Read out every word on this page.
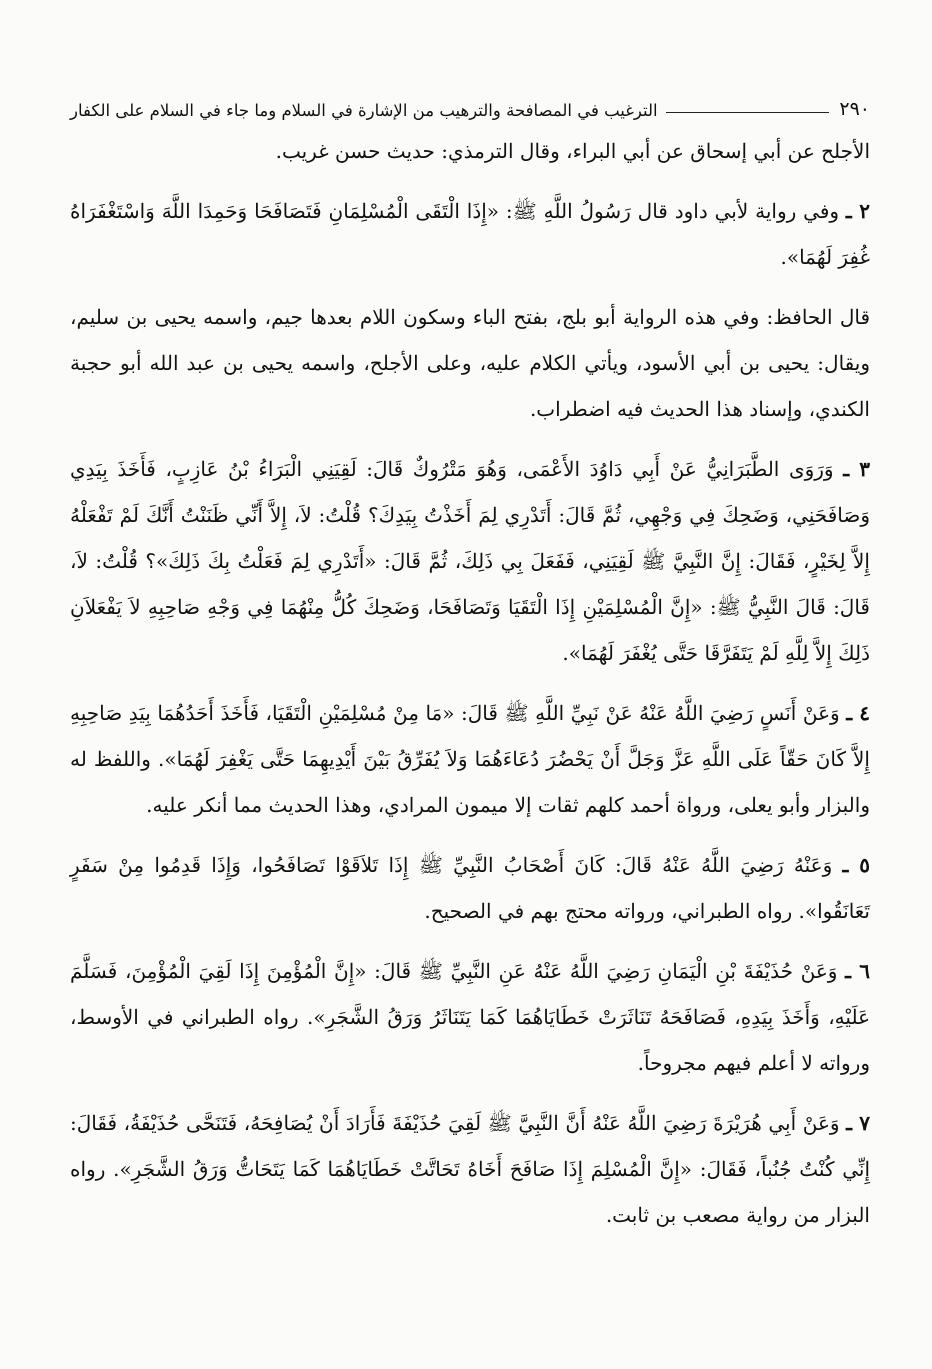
٢٩٠
الترغيب في المصافحة والترهيب من الإشارة في السلام وما جاء في السلام على الكفار

الأجلح عن أبي إسحاق عن أبي البراء، وقال الترمذي: حديث حسن غريب.

٢ ـ وفي رواية لأبي داود قال رَسُولُ اللَّهِ ﷺ: «إِذَا الْتَقَى الْمُسْلِمَانِ فَتَصَافَحَا وَحَمِدَا اللَّهَ وَاسْتَغْفَرَاهُ غُفِرَ لَهُمَا».

قال الحافظ: وفي هذه الرواية أبو بلج، بفتح الباء وسكون اللام بعدها جيم، واسمه يحيى بن سليم، ويقال: يحيى بن أبي الأسود، ويأتي الكلام عليه، وعلى الأجلح، واسمه يحيى بن عبد الله أبو حجبة الكندي، وإسناد هذا الحديث فيه اضطراب.

٣ ـ وَرَوَى الطَّبَرَانِيُّ عَنْ أَبِي دَاوُدَ الأَعْمَى، وَهُوَ مَتْرُوكٌ قَالَ: لَقِيَنِي الْبَرَاءُ بْنُ عَازِبٍ، فَأَخَذَ بِيَدِي وَصَافَحَنِي، وَضَحِكَ فِي وَجْهِي، ثُمَّ قَالَ: أَتَدْرِي لِمَ أَخَذْتُ بِيَدِكَ؟ قُلْتُ: لاَ، إِلاَّ أَنِّي ظَنَنْتُ أَنَّكَ لَمْ تَفْعَلْهُ إِلاَّ لِخَيْرٍ، فَقَالَ: إِنَّ النَّبِيَّ ﷺ لَقِيَنِي، فَفَعَلَ بِي ذَلِكَ، ثُمَّ قَالَ: «أَتَدْرِي لِمَ فَعَلْتُ بِكَ ذَلِكَ»؟ قُلْتُ: لاَ، قَالَ: قَالَ النَّبِيُّ ﷺ: «إِنَّ الْمُسْلِمَيْنِ إِذَا الْتَقَيَا وَتَصَافَحَا، وَضَحِكَ كُلُّ مِنْهُمَا فِي وَجْهِ صَاحِبِهِ لاَ يَفْعَلاَنِ ذَلِكَ إِلاَّ لِلَّهِ لَمْ يَتَفَرَّقَا حَتَّى يُغْفَرَ لَهُمَا».

٤ ـ وَعَنْ أَنَسٍ رَضِيَ اللَّهُ عَنْهُ عَنْ نَبِيِّ اللَّهِ ﷺ قَالَ: «مَا مِنْ مُسْلِمَيْنِ الْتَقَيَا، فَأَخَذَ أَحَدُهُمَا بِيَدِ صَاحِبِهِ إِلاَّ كَانَ حَقّاً عَلَى اللَّهِ عَزَّ وَجَلَّ أَنْ يَحْضُرَ دُعَاءَهُمَا وَلاَ يُفَرِّقُ بَيْنَ أَيْدِيهِمَا حَتَّى يَغْفِرَ لَهُمَا». واللفظ له والبزار وأبو يعلى، ورواة أحمد كلهم ثقات إلا ميمون المرادي، وهذا الحديث مما أنكر عليه.

٥ ـ وَعَنْهُ رَضِيَ اللَّهُ عَنْهُ قَالَ: كَانَ أَصْحَابُ النَّبِيِّ ﷺ إِذَا تَلاَقَوْا تَصَافَحُوا، وَإِذَا قَدِمُوا مِنْ سَفَرٍ تَعَانَقُوا». رواه الطبراني، ورواته محتج بهم في الصحيح.

٦ ـ وَعَنْ حُذَيْفَةَ بْنِ الْيَمَانِ رَضِيَ اللَّهُ عَنْهُ عَنِ النَّبِيِّ ﷺ قَالَ: «إِنَّ الْمُؤْمِنَ إِذَا لَقِيَ الْمُؤْمِنَ، فَسَلَّمَ عَلَيْهِ، وَأَخَذَ بِيَدِهِ، فَصَافَحَهُ تَنَاثَرَتْ خَطَايَاهُمَا كَمَا يَتَنَاثَرُ وَرَقُ الشَّجَرِ». رواه الطبراني في الأوسط، ورواته لا أعلم فيهم مجروحاً.

٧ ـ وَعَنْ أَبِي هُرَيْرَةَ رَضِيَ اللَّهُ عَنْهُ أَنَّ النَّبِيَّ ﷺ لَقِيَ حُذَيْفَةَ فَأَرَادَ أَنْ يُصَافِحَهُ، فَتَنَحَّى حُذَيْفَةُ، فَقَالَ: إِنِّي كُنْتُ جُنُباً، فَقَالَ: «إِنَّ الْمُسْلِمَ إِذَا صَافَحَ أَخَاهُ تَحَاتَّتْ خَطَايَاهُمَا كَمَا يَتَحَاتُّ وَرَقُ الشَّجَرِ». رواه البزار من رواية مصعب بن ثابت.
